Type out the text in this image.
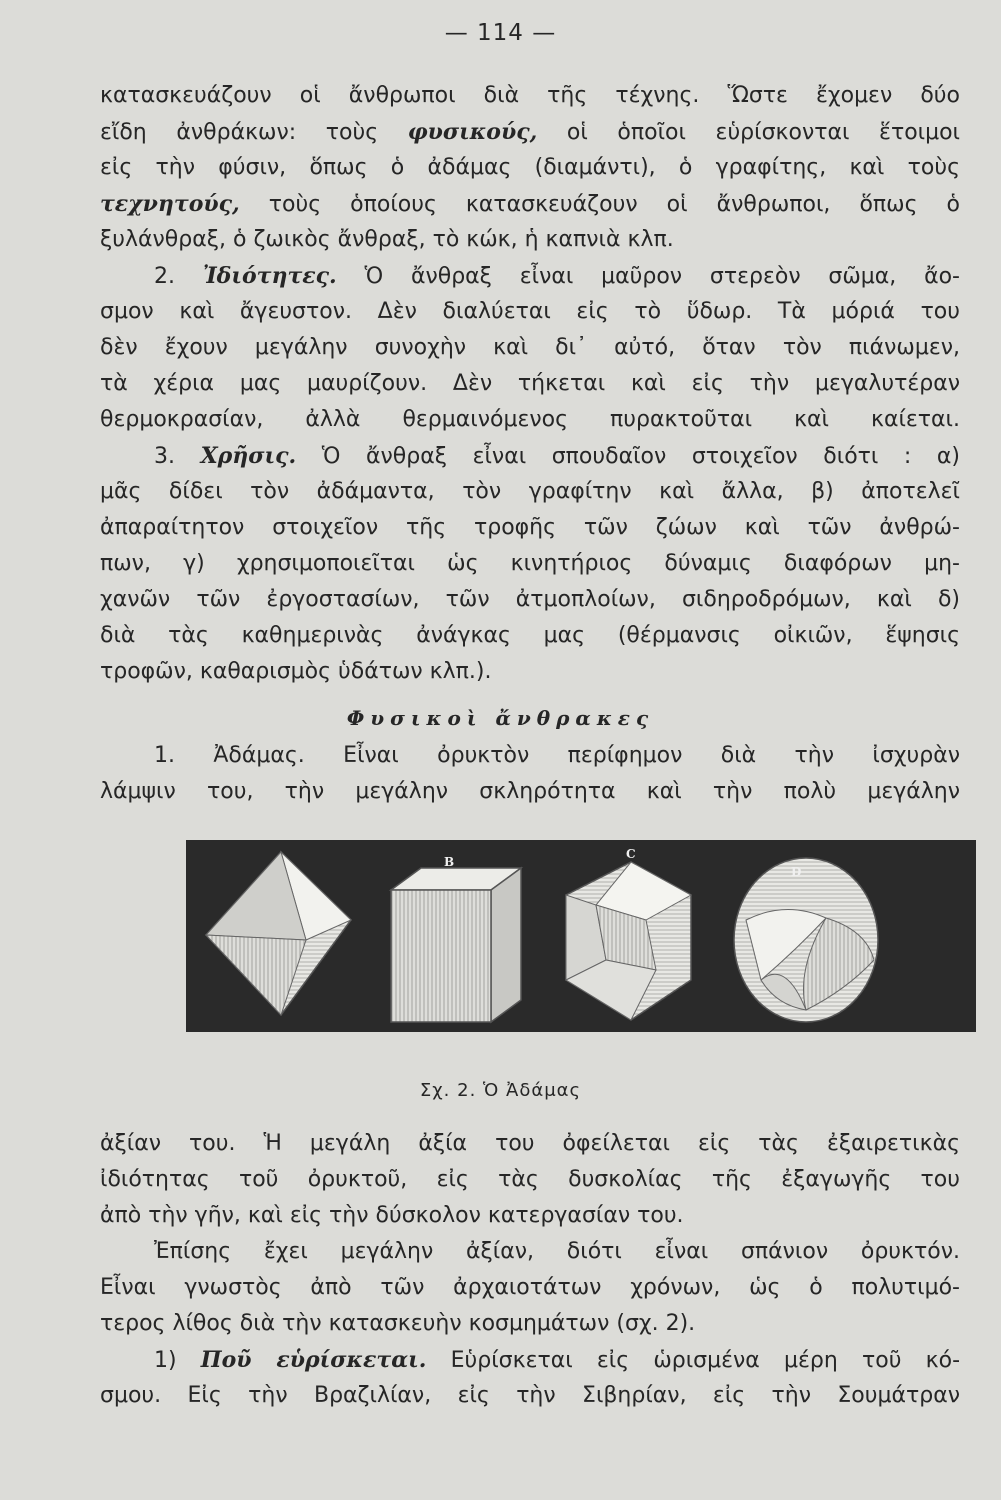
— 114 —
κατασκευάζουν οἱ ἄνθρωποι διὰ τῆς τέχνης. Ὥστε ἔχομεν δύο
εἴδη ἀνθράκων: τοὺς φυσικούς, οἱ ὁποῖοι εὑρίσκονται ἕτοιμοι
εἰς τὴν φύσιν, ὅπως ὁ ἀδάμας (διαμάντι), ὁ γραφίτης, καὶ τοὺς
τεχνητούς, τοὺς ὁποίους κατασκευάζουν οἱ ἄνθρωποι, ὅπως ὁ
ξυλάνθραξ, ὁ ζωικὸς ἄνθραξ, τὸ κώκ, ἡ καπνιὰ κλπ.
2. Ἰδιότητες. Ὁ ἄνθραξ εἶναι μαῦρον στερεὸν σῶμα, ἄο-
σμον καὶ ἄγευστον. Δὲν διαλύεται εἰς τὸ ὕδωρ. Τὰ μόριά του
δὲν ἔχουν μεγάλην συνοχὴν καὶ δι᾽ αὐτό, ὅταν τὸν πιάνωμεν,
τὰ χέρια μας μαυρίζουν. Δὲν τήκεται καὶ εἰς τὴν μεγαλυτέραν
θερμοκρασίαν, ἀλλὰ θερμαινόμενος πυρακτοῦται καὶ καίεται.
3. Χρῆσις. Ὁ ἄνθραξ εἶναι σπουδαῖον στοιχεῖον διότι : α)
μᾶς δίδει τὸν ἀδάμαντα, τὸν γραφίτην καὶ ἄλλα, β) ἀποτελεῖ
ἀπαραίτητον στοιχεῖον τῆς τροφῆς τῶν ζώων καὶ τῶν ἀνθρώ-
πων, γ) χρησιμοποιεῖται ὡς κινητήριος δύναμις διαφόρων μη-
χανῶν τῶν ἐργοστασίων, τῶν ἀτμοπλοίων, σιδηροδρόμων, καὶ δ)
διὰ τὰς καθημερινὰς ἀνάγκας μας (θέρμανσις οἰκιῶν, ἕψησις
τροφῶν, καθαρισμὸς ὑδάτων κλπ.).
Φυσικοὶ ἄνθρακες
1. Ἀδάμας. Εἶναι ὀρυκτὸν περίφημον διὰ τὴν ἰσχυρὰν
λάμψιν του, τὴν μεγάλην σκληρότητα καὶ τὴν πολὺ μεγάλην
B
C
D
Σχ. 2. Ὁ Ἀδάμας
ἀξίαν του. Ἡ μεγάλη ἀξία του ὀφείλεται εἰς τὰς ἐξαιρετικὰς
ἰδιότητας τοῦ ὀρυκτοῦ, εἰς τὰς δυσκολίας τῆς ἐξαγωγῆς του
ἀπὸ τὴν γῆν, καὶ εἰς τὴν δύσκολον κατεργασίαν του.
Ἐπίσης ἔχει μεγάλην ἀξίαν, διότι εἶναι σπάνιον ὀρυκτόν.
Εἶναι γνωστὸς ἀπὸ τῶν ἀρχαιοτάτων χρόνων, ὡς ὁ πολυτιμό-
τερος λίθος διὰ τὴν κατασκευὴν κοσμημάτων (σχ. 2).
1) Ποῦ εὑρίσκεται. Εὑρίσκεται εἰς ὡρισμένα μέρη τοῦ κό-
σμου. Εἰς τὴν Βραζιλίαν, εἰς τὴν Σιβηρίαν, εἰς τὴν Σουμάτραν
